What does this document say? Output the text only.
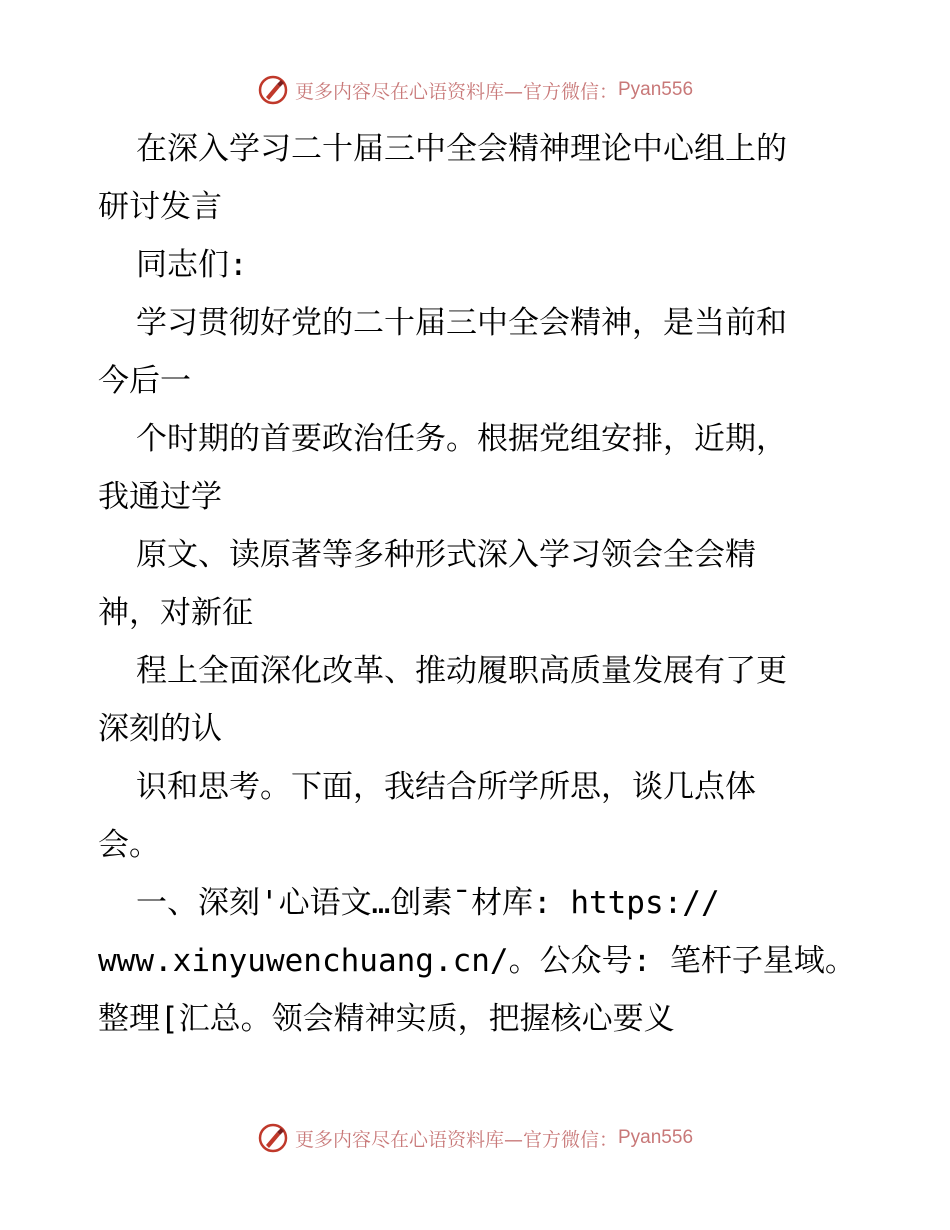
更多内容尽在心语资料库—官方微信： Pyan556

在深入学习二十届三中全会精神理论中心组上的

研讨发言

同志们:

学习贯彻好党的二十届三中全会精神，是当前和

今后一

个时期的首要政治任务。根据党组安排，近期，

我通过学

原文、读原著等多种形式深入学习领会全会精

神，对新征

程上全面深化改革、推动履职高质量发展有了更

深刻的认

识和思考。下面，我结合所学所思，谈几点体

会。

一、深刻'心语文…创素¯材库: https://

www.xinyuwenchuang.cn/。公众号: 笔杆子星域。

整理[汇总。领会精神实质，把握核心要义

更多内容尽在心语资料库—官方微信： Pyan556
